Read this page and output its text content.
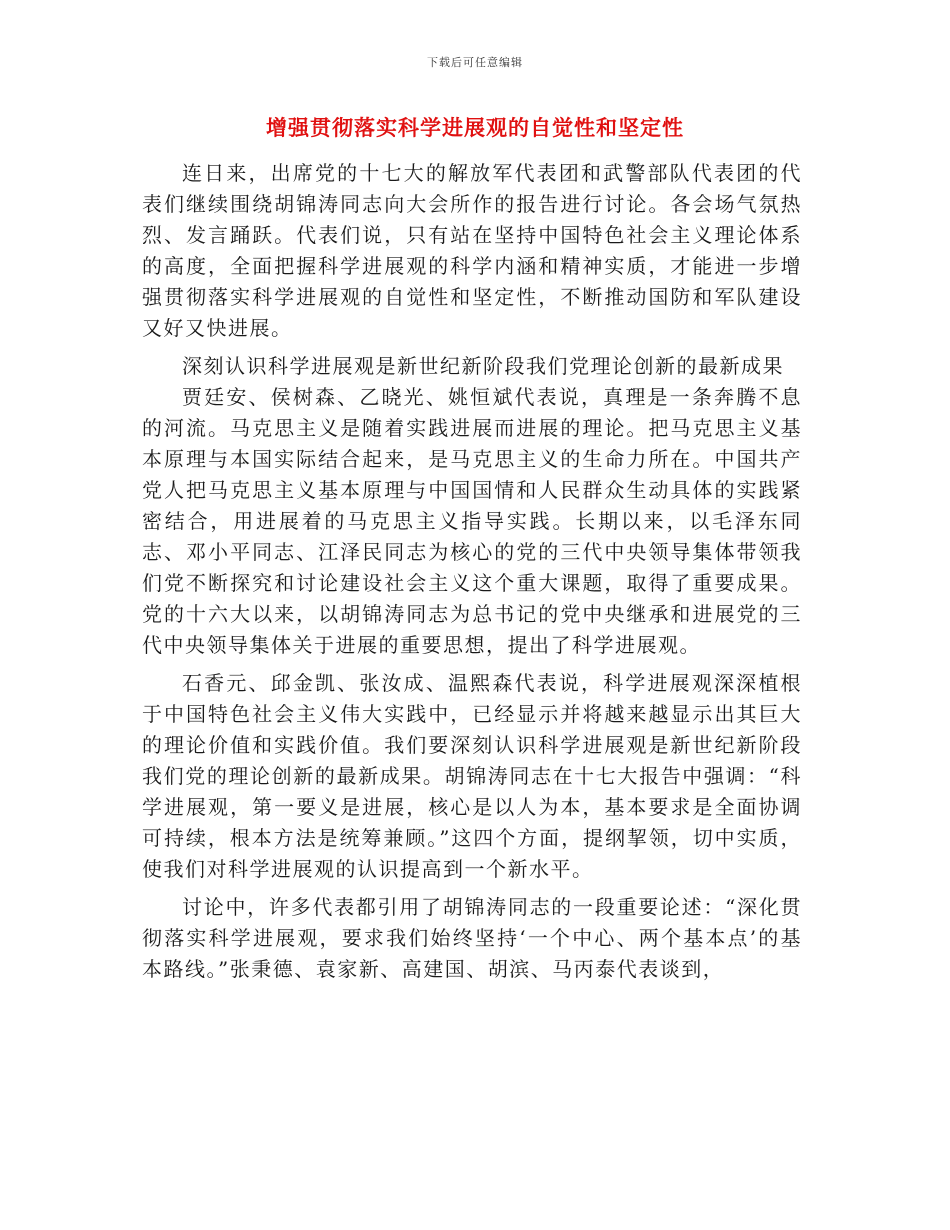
下载后可任意编辑
增强贯彻落实科学进展观的自觉性和坚定性

连日来，出席党的十七大的解放军代表团和武警部队代表团的代表们继续围绕胡锦涛同志向大会所作的报告进行讨论。各会场气氛热烈、发言踊跃。代表们说，只有站在坚持中国特色社会主义理论体系的高度，全面把握科学进展观的科学内涵和精神实质，才能进一步增强贯彻落实科学进展观的自觉性和坚定性，不断推动国防和军队建设又好又快进展。

深刻认识科学进展观是新世纪新阶段我们党理论创新的最新成果

贾廷安、侯树森、乙晓光、姚恒斌代表说，真理是一条奔腾不息的河流。马克思主义是随着实践进展而进展的理论。把马克思主义基本原理与本国实际结合起来，是马克思主义的生命力所在。中国共产党人把马克思主义基本原理与中国国情和人民群众生动具体的实践紧密结合，用进展着的马克思主义指导实践。长期以来，以毛泽东同志、邓小平同志、江泽民同志为核心的党的三代中央领导集体带领我们党不断探究和讨论建设社会主义这个重大课题，取得了重要成果。党的十六大以来，以胡锦涛同志为总书记的党中央继承和进展党的三代中央领导集体关于进展的重要思想，提出了科学进展观。

石香元、邱金凯、张汝成、温熙森代表说，科学进展观深深植根于中国特色社会主义伟大实践中，已经显示并将越来越显示出其巨大的理论价值和实践价值。我们要深刻认识科学进展观是新世纪新阶段我们党的理论创新的最新成果。胡锦涛同志在十七大报告中强调：“科学进展观，第一要义是进展，核心是以人为本，基本要求是全面协调可持续，根本方法是统筹兼顾。”这四个方面，提纲挈领，切中实质，使我们对科学进展观的认识提高到一个新水平。

讨论中，许多代表都引用了胡锦涛同志的一段重要论述：“深化贯彻落实科学进展观，要求我们始终坚持‘一个中心、两个基本点’的基本路线。”张秉德、袁家新、高建国、胡滨、马丙泰代表谈到，
